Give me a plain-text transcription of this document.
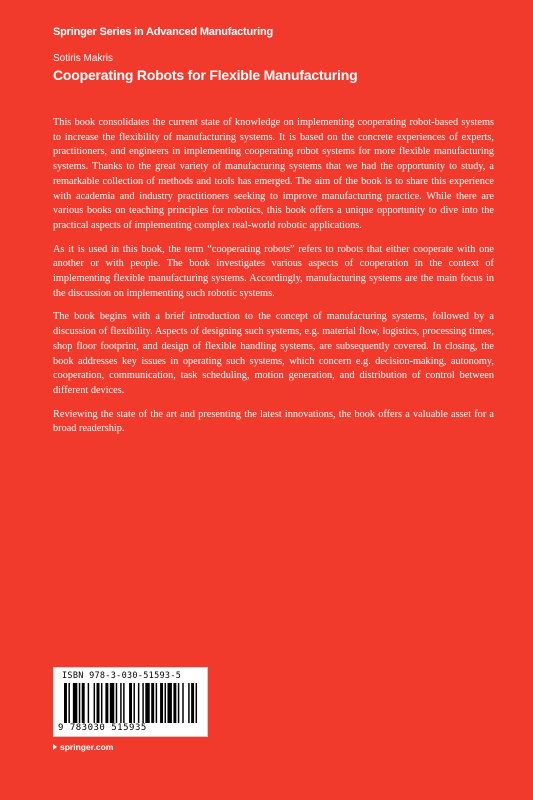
Springer Series in Advanced Manufacturing
Sotiris Makris
Cooperating Robots for Flexible Manufacturing

This book consolidates the current state of knowledge on implementing cooperating robot-based systems to increase the flexibility of manufacturing systems. It is based on the concrete experiences of experts, practitioners, and engineers in implementing cooperating robot systems for more flexible manufacturing systems. Thanks to the great variety of manufacturing systems that we had the opportunity to study, a remarkable collection of methods and tools has emerged. The aim of the book is to share this experience with academia and industry practitioners seeking to improve manufacturing practice. While there are various books on teaching principles for robotics, this book offers a unique opportunity to dive into the practical aspects of implementing complex real-world robotic applications.

As it is used in this book, the term “cooperating robots” refers to robots that either cooperate with one another or with people. The book investigates various aspects of cooperation in the context of implementing flexible manufacturing systems. Accordingly, manufacturing systems are the main focus in the discussion on implementing such robotic systems.

The book begins with a brief introduction to the concept of manufacturing systems, followed by a discussion of flexibility. Aspects of designing such systems, e.g. material flow, logistics, processing times, shop floor footprint, and design of flexible handling systems, are subsequently covered. In closing, the book addresses key issues in operating such systems, which concern e.g. decision-making, autonomy, cooperation, communication, task scheduling, motion generation, and distribution of control between different devices.

Reviewing the state of the art and presenting the latest innovations, the book offers a valuable asset for a broad readership.

ISBN 978-3-030-51593-5
9 783030 515935
springer.com
